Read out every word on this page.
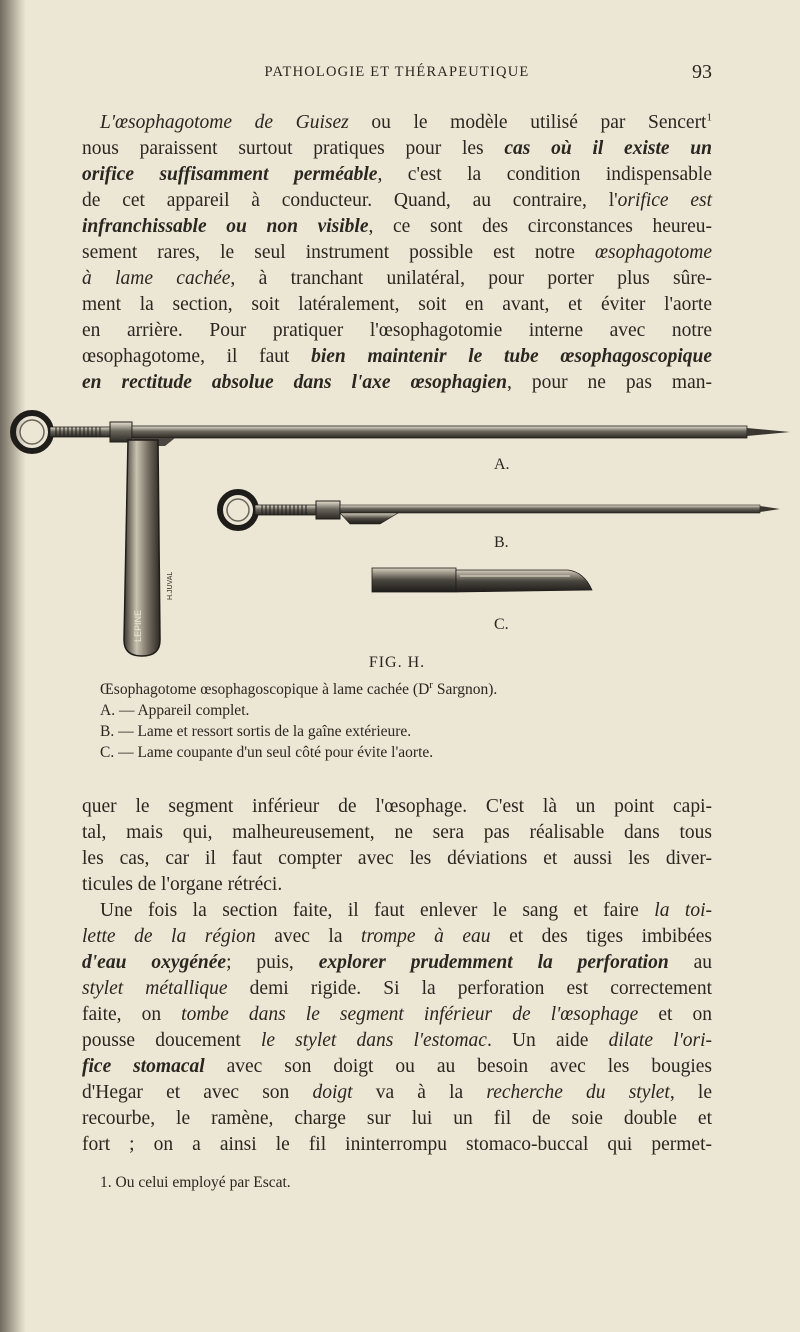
PATHOLOGIE ET THÉRAPEUTIQUE	93
L'œsophagotome de Guisez ou le modèle utilisé par Sencert$^1$
nous paraissent surtout pratiques pour les cas où il existe un
orifice suffisamment perméable, c'est la condition indispensable
de cet appareil à conducteur. Quand, au contraire, l'orifice est
infranchissable ou non visible, ce sont des circonstances heureu-
sement rares, le seul instrument possible est notre œsophagotome
à lame cachée, à tranchant unilatéral, pour porter plus sûre-
ment la section, soit latéralement, soit en avant, et éviter l'aorte
en arrière. Pour pratiquer l'œsophagotomie interne avec notre
œsophagotome, il faut bien maintenir le tube œsophagoscopique
en rectitude absolue dans l'axe œsophagien, pour ne pas man-
LEPINE
H.JUVAL
A.
B.
C.
FIG. H.
Œsophagotome œsophagoscopique à lame cachée ($D^r$ Sargnon).
A. — Appareil complet.
B. — Lame et ressort sortis de la gaîne extérieure.
C. — Lame coupante d'un seul côté pour évite l'aorte.
quer le segment inférieur de l'œsophage. C'est là un point capi-
tal, mais qui, malheureusement, ne sera pas réalisable dans tous
les cas, car il faut compter avec les déviations et aussi les diver-
ticules de l'organe rétréci.
Une fois la section faite, il faut enlever le sang et faire la toi-
lette de la région avec la trompe à eau et des tiges imbibées
d'eau oxygénée; puis, explorer prudemment la perforation au
stylet métallique demi rigide. Si la perforation est correctement
faite, on tombe dans le segment inférieur de l'œsophage et on
pousse doucement le stylet dans l'estomac. Un aide dilate l'ori-
fice stomacal avec son doigt ou au besoin avec les bougies
d'Hegar et avec son doigt va à la recherche du stylet, le
recourbe, le ramène, charge sur lui un fil de soie double et
fort ; on a ainsi le fil ininterrompu stomaco-buccal qui permet-
1. Ou celui employé par Escat.
